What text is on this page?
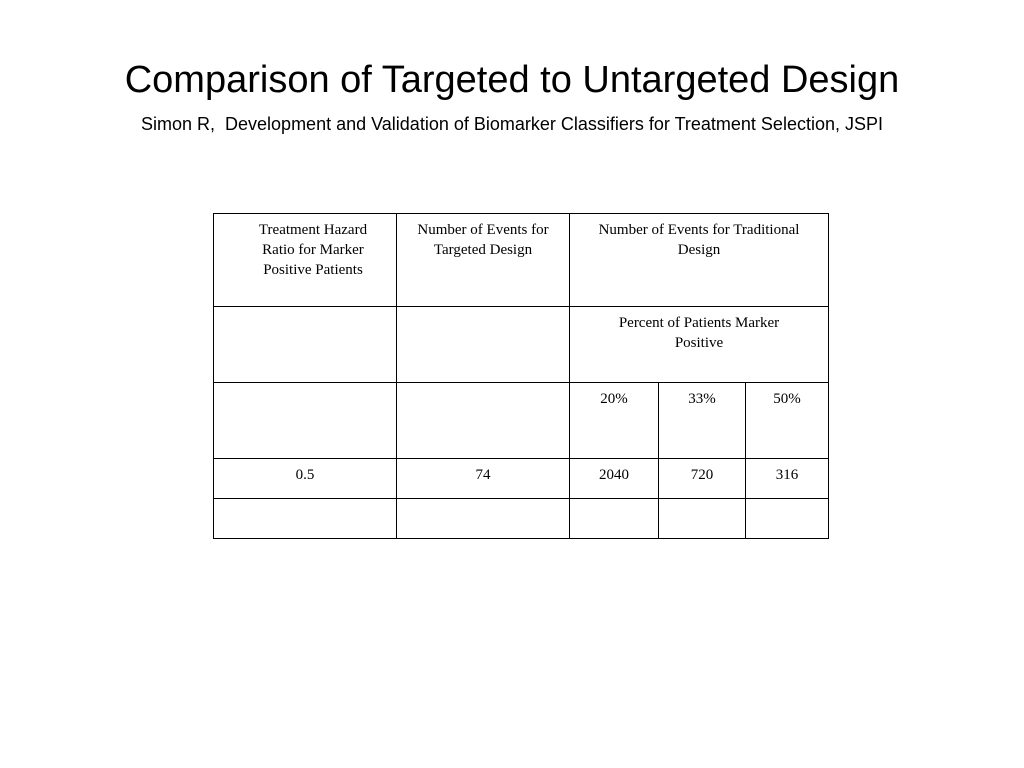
Comparison of Targeted to Untargeted Design
Simon R,  Development and Validation of Biomarker Classifiers for Treatment Selection, JSPI
Treatment Hazard Ratio for Marker Positive Patients	Number of Events for Targeted Design	Number of Events for Traditional Design		

		Percent of Patients Marker Positive		

		20%	33%	50%

0.5	74	2040	720	316
